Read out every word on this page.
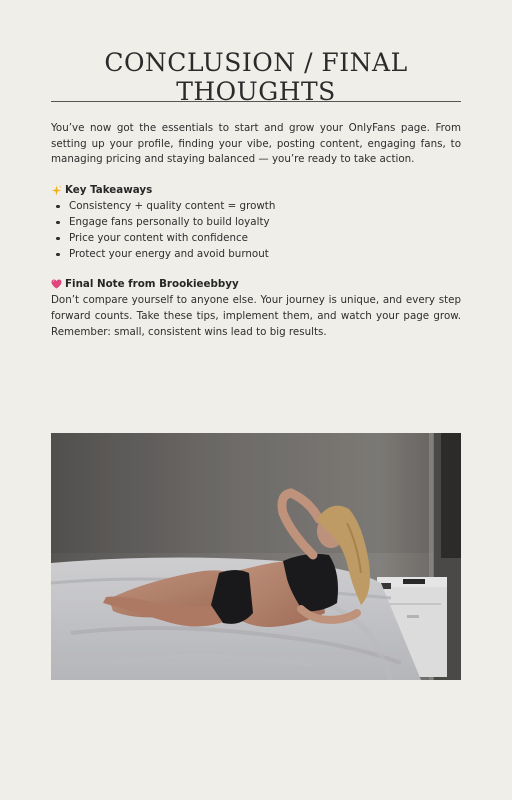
CONCLUSION / FINAL THOUGHTS

You’ve now got the essentials to start and grow your OnlyFans page. From setting up your profile, finding your vibe, posting content, engaging fans, to managing pricing and staying balanced — you’re ready to take action.

Key Takeaways
Consistency + quality content = growth
Engage fans personally to build loyalty
Price your content with confidence
Protect your energy and avoid burnout
Final Note from Brookieebbyy

Don’t compare yourself to anyone else. Your journey is unique, and every step forward counts. Take these tips, implement them, and watch your page grow. Remember: small, consistent wins lead to big results.
